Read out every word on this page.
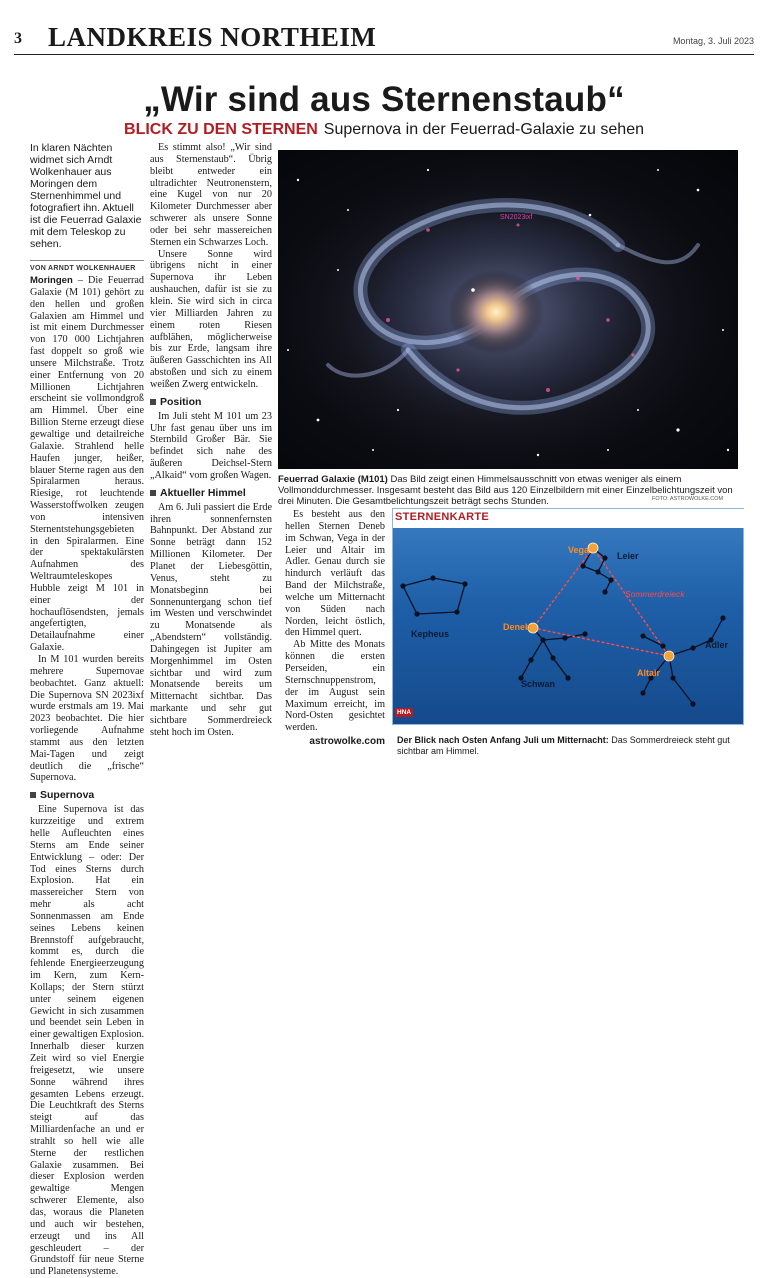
3 LANDKREIS NORTHEIM	Montag, 3. Juli 2023
„Wir sind aus Sternenstaub“
BLICK ZU DEN STERNEN Supernova in der Feuerrad-Galaxie zu sehen
In klaren Nächten widmet sich Arndt Wolkenhauer aus Moringen dem Sternenhimmel und fotografiert ihn. Aktuell ist die Feuerrad Galaxie mit dem Teleskop zu sehen.
VON ARNDT WOLKENHAUER

Moringen – Die Feuerrad Galaxie (M 101) gehört zu den hellen und großen Galaxien am Himmel und ist mit einem Durchmesser von 170 000 Lichtjahren fast doppelt so groß wie unsere Milchstraße. Trotz einer Entfernung von 20 Millionen Lichtjahren erscheint sie vollmondgroß am Himmel. Über eine Billion Sterne erzeugt diese gewaltige und detailreiche Galaxie. Strahlend helle Haufen junger, heißer, blauer Sterne ragen aus den Spiralarmen heraus. Riesige, rot leuchtende Wasserstoffwolken zeugen von intensiven Sternentstehungsgebieten in den Spiralarmen. Eine der spektakulärsten Aufnahmen des Weltraumteleskopes Hubble zeigt M 101 in einer der hochauflösendsten, jemals angefertigten, Detailaufnahme einer Galaxie.

In M 101 wurden bereits mehrere Supernovae beobachtet. Ganz aktuell: Die Supernova SN 2023ixf wurde erstmals am 19. Mai 2023 beobachtet. Die hier vorliegende Aufnahme stammt aus den letzten Mai-Tagen und zeigt deutlich die „frische“ Supernova.

Supernova

Eine Supernova ist das kurzzeitige und extrem helle Aufleuchten eines Sterns am Ende seiner Entwicklung – oder: Der Tod eines Sterns durch Explosion. Hat ein massereicher Stern von mehr als acht Sonnenmassen am Ende seines Lebens keinen Brennstoff aufgebraucht, kommt es, durch die fehlende Energieerzeugung im Kern, zum Kern-Kollaps; der Stern stürzt unter seinem eigenen Gewicht in sich zusammen und beendet sein Leben in einer gewaltigen Explosion. Innerhalb dieser kurzen Zeit wird so viel Energie freigesetzt, wie unsere Sonne während ihres gesamten Lebens erzeugt. Die Leuchtkraft des Sterns steigt auf das Milliardenfache an und er strahlt so hell wie alle Sterne der restlichen Galaxie zusammen. Bei dieser Explosion werden gewaltige Mengen schwerer Elemente, also das, woraus die Planeten und auch wir bestehen, erzeugt und ins All geschleudert – der Grundstoff für neue Sterne und Planetensysteme.

Es stimmt also! „Wir sind aus Sternenstaub“. Übrig bleibt entweder ein ultradichter Neutronenstern, eine Kugel von nur 20 Kilometer Durchmesser aber schwerer als unsere Sonne oder bei sehr massereichen Sternen ein Schwarzes Loch.

Unsere Sonne wird übrigens nicht in einer Supernova ihr Leben aushauchen, dafür ist sie zu klein. Sie wird sich in circa vier Milliarden Jahren zu einem roten Riesen aufblähen, möglicherweise bis zur Erde, langsam ihre äußeren Gasschichten ins All abstoßen und sich zu einem weißen Zwerg entwickeln.

Position

Im Juli steht M 101 um 23 Uhr fast genau über uns im Sternbild Großer Bär. Sie befindet sich nahe des äußeren Deichsel-Stern „Alkaid“ vom großen Wagen.

Aktueller Himmel

Am 6. Juli passiert die Erde ihren sonnenfernsten Bahnpunkt. Der Abstand zur Sonne beträgt dann 152 Millionen Kilometer. Der Planet der Liebesgöttin, Venus, steht zu Monatsbeginn bei Sonnenuntergang schon tief im Westen und verschwindet zu Monatsende als „Abendstern“ vollständig. Dahingegen ist Jupiter am Morgenhimmel im Osten sichtbar und wird zum Monatsende bereits um Mitternacht sichtbar. Das markante und sehr gut sichtbare Sommerdreieck steht hoch im Osten.

Es besteht aus den hellen Sternen Deneb im Schwan, Vega in der Leier und Altair im Adler. Genau durch sie hindurch verläuft das Band der Milchstraße, welche um Mitternacht von Süden nach Norden, leicht östlich, den Himmel quert.

Ab Mitte des Monats können die ersten Perseiden, ein Sternschnuppenstrom, der im August sein Maximum erreicht, im Nord-Osten gesichtet werden.

astrowolke.com
SN2023ixf
Feuerrad Galaxie (M101) Das Bild zeigt einen Himmelsausschnitt von etwas weniger als einem Vollmonddurchmesser. Insgesamt besteht das Bild aus 120 Einzelbildern mit einer Einzelbelichtungszeit von drei Minuten. Die Gesamtbelichtungszeit beträgt sechs Stunden.	FOTO: ASTROWOLKE.COM
STERNENKARTE
Vega
Leier
Sommerdreieck
Deneb
Kepheus
Adler
Altair
Schwan
HNA
Der Blick nach Osten Anfang Juli um Mitternacht: Das Sommerdreieck steht gut sichtbar am Himmel.
